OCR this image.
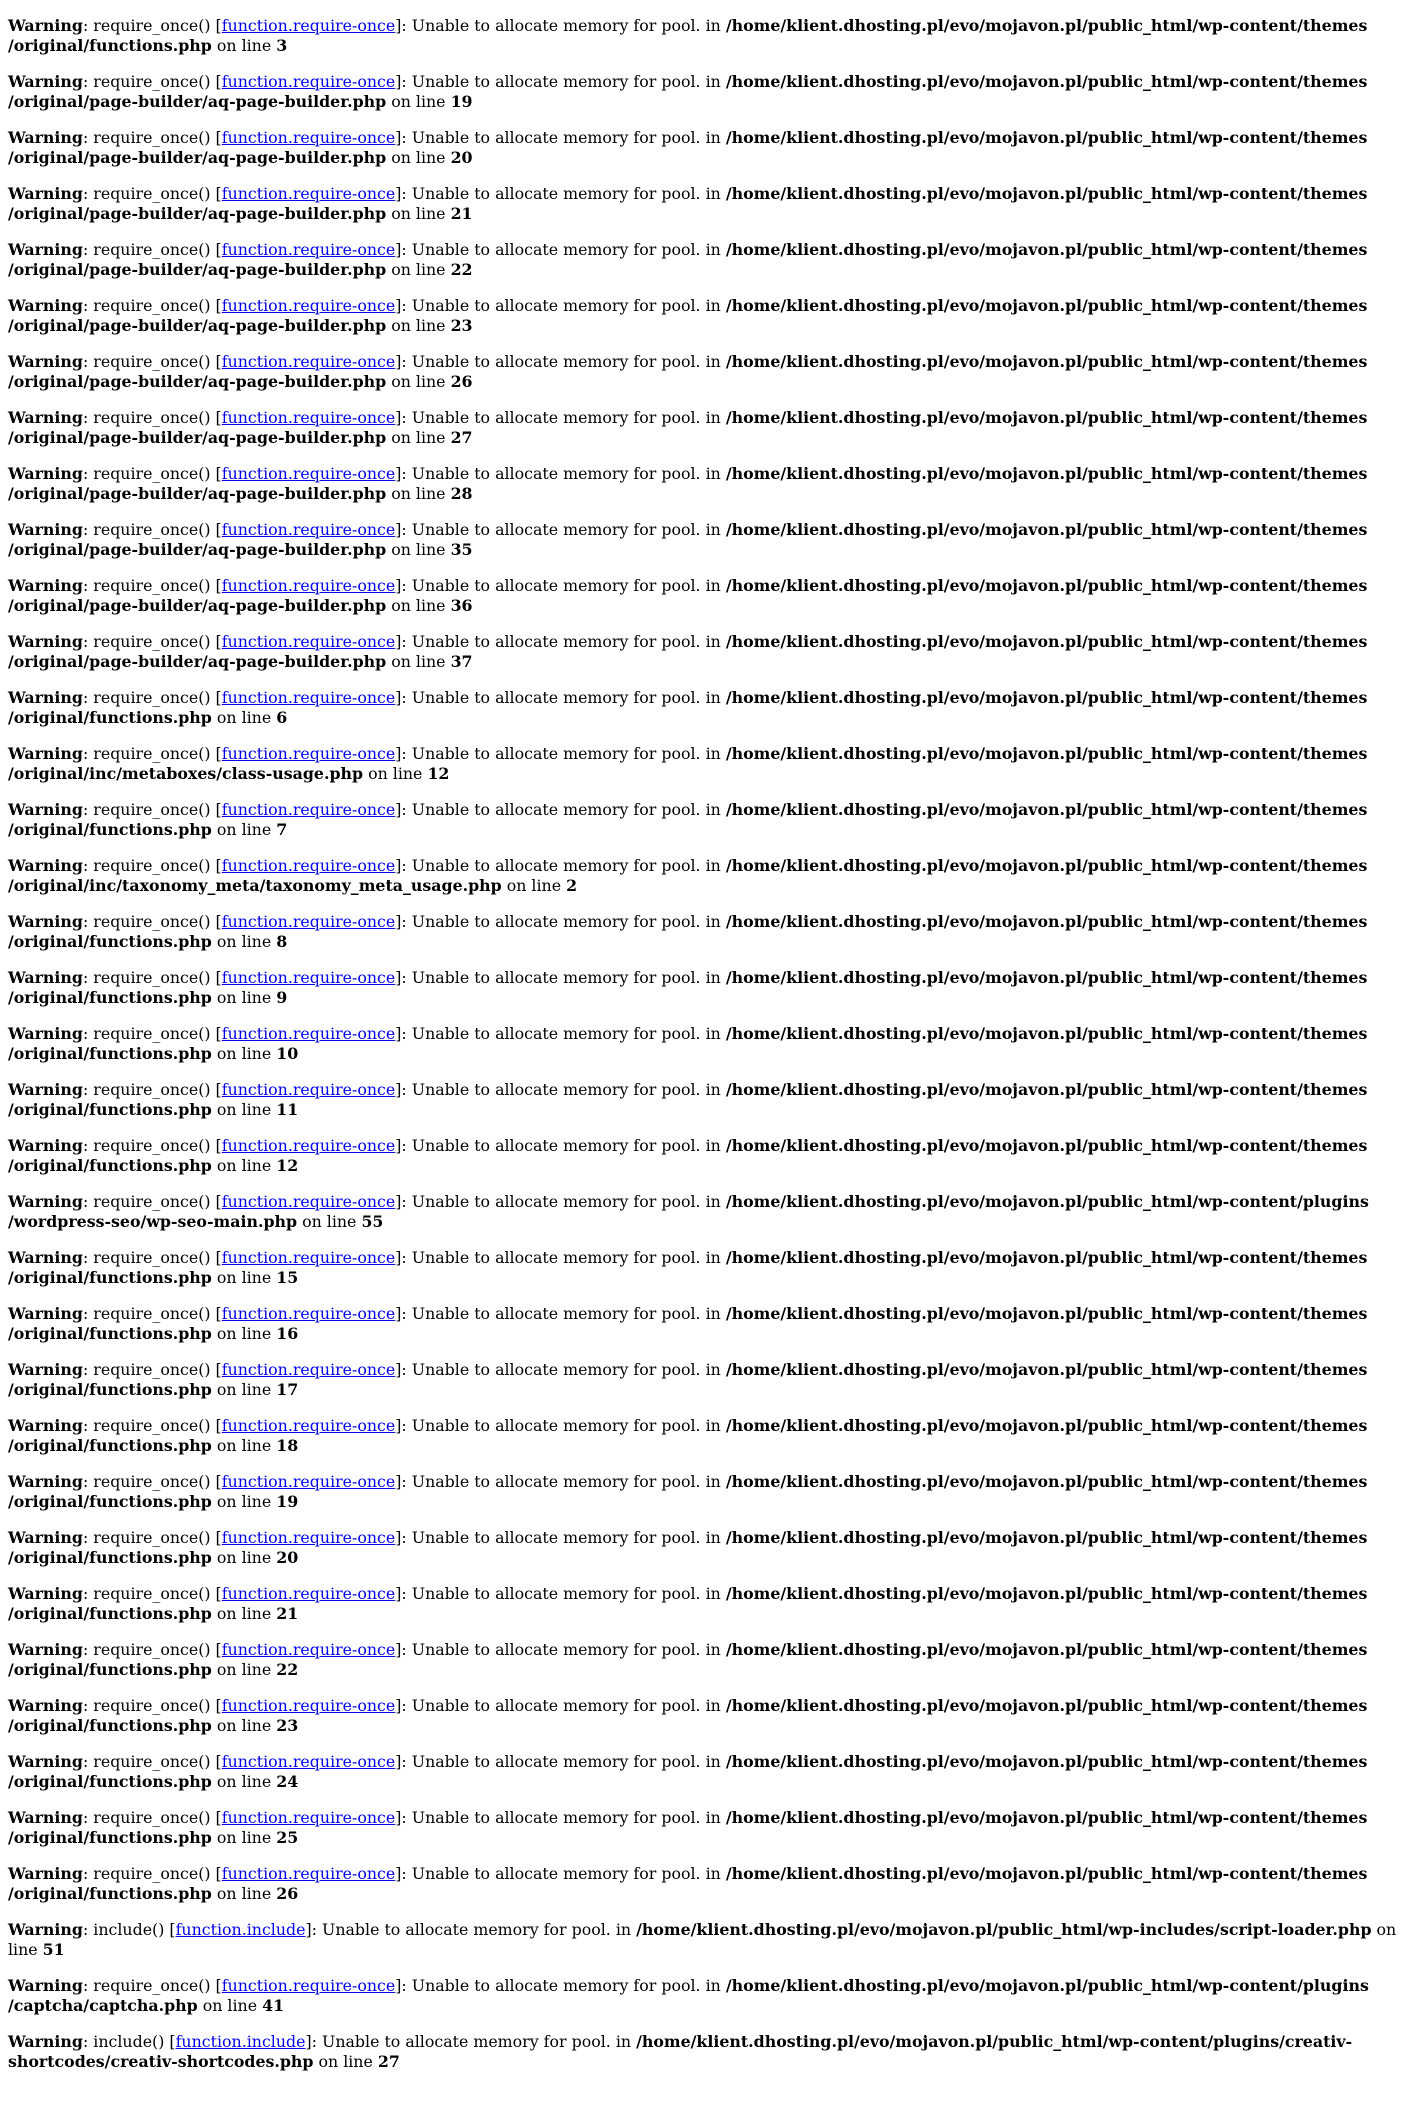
Warning: require_once() [function.require-once]: Unable to allocate memory for pool. in ​/home​/klient.dhosting.pl​/evo​/mojavon.pl​/public_html​/wp-content​/themes​/original​/functions.php on line 3

Warning: require_once() [function.require-once]: Unable to allocate memory for pool. in ​/home​/klient.dhosting.pl​/evo​/mojavon.pl​/public_html​/wp-content​/themes​/original​/page-builder​/aq-page-builder.php on line 19

Warning: require_once() [function.require-once]: Unable to allocate memory for pool. in ​/home​/klient.dhosting.pl​/evo​/mojavon.pl​/public_html​/wp-content​/themes​/original​/page-builder​/aq-page-builder.php on line 20

Warning: require_once() [function.require-once]: Unable to allocate memory for pool. in ​/home​/klient.dhosting.pl​/evo​/mojavon.pl​/public_html​/wp-content​/themes​/original​/page-builder​/aq-page-builder.php on line 21

Warning: require_once() [function.require-once]: Unable to allocate memory for pool. in ​/home​/klient.dhosting.pl​/evo​/mojavon.pl​/public_html​/wp-content​/themes​/original​/page-builder​/aq-page-builder.php on line 22

Warning: require_once() [function.require-once]: Unable to allocate memory for pool. in ​/home​/klient.dhosting.pl​/evo​/mojavon.pl​/public_html​/wp-content​/themes​/original​/page-builder​/aq-page-builder.php on line 23

Warning: require_once() [function.require-once]: Unable to allocate memory for pool. in ​/home​/klient.dhosting.pl​/evo​/mojavon.pl​/public_html​/wp-content​/themes​/original​/page-builder​/aq-page-builder.php on line 26

Warning: require_once() [function.require-once]: Unable to allocate memory for pool. in ​/home​/klient.dhosting.pl​/evo​/mojavon.pl​/public_html​/wp-content​/themes​/original​/page-builder​/aq-page-builder.php on line 27

Warning: require_once() [function.require-once]: Unable to allocate memory for pool. in ​/home​/klient.dhosting.pl​/evo​/mojavon.pl​/public_html​/wp-content​/themes​/original​/page-builder​/aq-page-builder.php on line 28

Warning: require_once() [function.require-once]: Unable to allocate memory for pool. in ​/home​/klient.dhosting.pl​/evo​/mojavon.pl​/public_html​/wp-content​/themes​/original​/page-builder​/aq-page-builder.php on line 35

Warning: require_once() [function.require-once]: Unable to allocate memory for pool. in ​/home​/klient.dhosting.pl​/evo​/mojavon.pl​/public_html​/wp-content​/themes​/original​/page-builder​/aq-page-builder.php on line 36

Warning: require_once() [function.require-once]: Unable to allocate memory for pool. in ​/home​/klient.dhosting.pl​/evo​/mojavon.pl​/public_html​/wp-content​/themes​/original​/page-builder​/aq-page-builder.php on line 37

Warning: require_once() [function.require-once]: Unable to allocate memory for pool. in ​/home​/klient.dhosting.pl​/evo​/mojavon.pl​/public_html​/wp-content​/themes​/original​/functions.php on line 6

Warning: require_once() [function.require-once]: Unable to allocate memory for pool. in ​/home​/klient.dhosting.pl​/evo​/mojavon.pl​/public_html​/wp-content​/themes​/original​/inc​/metaboxes​/class-usage.php on line 12

Warning: require_once() [function.require-once]: Unable to allocate memory for pool. in ​/home​/klient.dhosting.pl​/evo​/mojavon.pl​/public_html​/wp-content​/themes​/original​/functions.php on line 7

Warning: require_once() [function.require-once]: Unable to allocate memory for pool. in ​/home​/klient.dhosting.pl​/evo​/mojavon.pl​/public_html​/wp-content​/themes​/original​/inc​/taxonomy_meta​/taxonomy_meta_usage.php on line 2

Warning: require_once() [function.require-once]: Unable to allocate memory for pool. in ​/home​/klient.dhosting.pl​/evo​/mojavon.pl​/public_html​/wp-content​/themes​/original​/functions.php on line 8

Warning: require_once() [function.require-once]: Unable to allocate memory for pool. in ​/home​/klient.dhosting.pl​/evo​/mojavon.pl​/public_html​/wp-content​/themes​/original​/functions.php on line 9

Warning: require_once() [function.require-once]: Unable to allocate memory for pool. in ​/home​/klient.dhosting.pl​/evo​/mojavon.pl​/public_html​/wp-content​/themes​/original​/functions.php on line 10

Warning: require_once() [function.require-once]: Unable to allocate memory for pool. in ​/home​/klient.dhosting.pl​/evo​/mojavon.pl​/public_html​/wp-content​/themes​/original​/functions.php on line 11

Warning: require_once() [function.require-once]: Unable to allocate memory for pool. in ​/home​/klient.dhosting.pl​/evo​/mojavon.pl​/public_html​/wp-content​/themes​/original​/functions.php on line 12

Warning: require_once() [function.require-once]: Unable to allocate memory for pool. in ​/home​/klient.dhosting.pl​/evo​/mojavon.pl​/public_html​/wp-content​/plugins​/wordpress-seo​/wp-seo-main.php on line 55

Warning: require_once() [function.require-once]: Unable to allocate memory for pool. in ​/home​/klient.dhosting.pl​/evo​/mojavon.pl​/public_html​/wp-content​/themes​/original​/functions.php on line 15

Warning: require_once() [function.require-once]: Unable to allocate memory for pool. in ​/home​/klient.dhosting.pl​/evo​/mojavon.pl​/public_html​/wp-content​/themes​/original​/functions.php on line 16

Warning: require_once() [function.require-once]: Unable to allocate memory for pool. in ​/home​/klient.dhosting.pl​/evo​/mojavon.pl​/public_html​/wp-content​/themes​/original​/functions.php on line 17

Warning: require_once() [function.require-once]: Unable to allocate memory for pool. in ​/home​/klient.dhosting.pl​/evo​/mojavon.pl​/public_html​/wp-content​/themes​/original​/functions.php on line 18

Warning: require_once() [function.require-once]: Unable to allocate memory for pool. in ​/home​/klient.dhosting.pl​/evo​/mojavon.pl​/public_html​/wp-content​/themes​/original​/functions.php on line 19

Warning: require_once() [function.require-once]: Unable to allocate memory for pool. in ​/home​/klient.dhosting.pl​/evo​/mojavon.pl​/public_html​/wp-content​/themes​/original​/functions.php on line 20

Warning: require_once() [function.require-once]: Unable to allocate memory for pool. in ​/home​/klient.dhosting.pl​/evo​/mojavon.pl​/public_html​/wp-content​/themes​/original​/functions.php on line 21

Warning: require_once() [function.require-once]: Unable to allocate memory for pool. in ​/home​/klient.dhosting.pl​/evo​/mojavon.pl​/public_html​/wp-content​/themes​/original​/functions.php on line 22

Warning: require_once() [function.require-once]: Unable to allocate memory for pool. in ​/home​/klient.dhosting.pl​/evo​/mojavon.pl​/public_html​/wp-content​/themes​/original​/functions.php on line 23

Warning: require_once() [function.require-once]: Unable to allocate memory for pool. in ​/home​/klient.dhosting.pl​/evo​/mojavon.pl​/public_html​/wp-content​/themes​/original​/functions.php on line 24

Warning: require_once() [function.require-once]: Unable to allocate memory for pool. in ​/home​/klient.dhosting.pl​/evo​/mojavon.pl​/public_html​/wp-content​/themes​/original​/functions.php on line 25

Warning: require_once() [function.require-once]: Unable to allocate memory for pool. in ​/home​/klient.dhosting.pl​/evo​/mojavon.pl​/public_html​/wp-content​/themes​/original​/functions.php on line 26

Warning: include() [function.include]: Unable to allocate memory for pool. in ​/home​/klient.dhosting.pl​/evo​/mojavon.pl​/public_html​/wp-includes​/script-loader.php on line 51

Warning: require_once() [function.require-once]: Unable to allocate memory for pool. in ​/home​/klient.dhosting.pl​/evo​/mojavon.pl​/public_html​/wp-content​/plugins​/captcha​/captcha.php on line 41

Warning: include() [function.include]: Unable to allocate memory for pool. in ​/home​/klient.dhosting.pl​/evo​/mojavon.pl​/public_html​/wp-content​/plugins​/creativ-shortcodes​/creativ-shortcodes.php on line 27
